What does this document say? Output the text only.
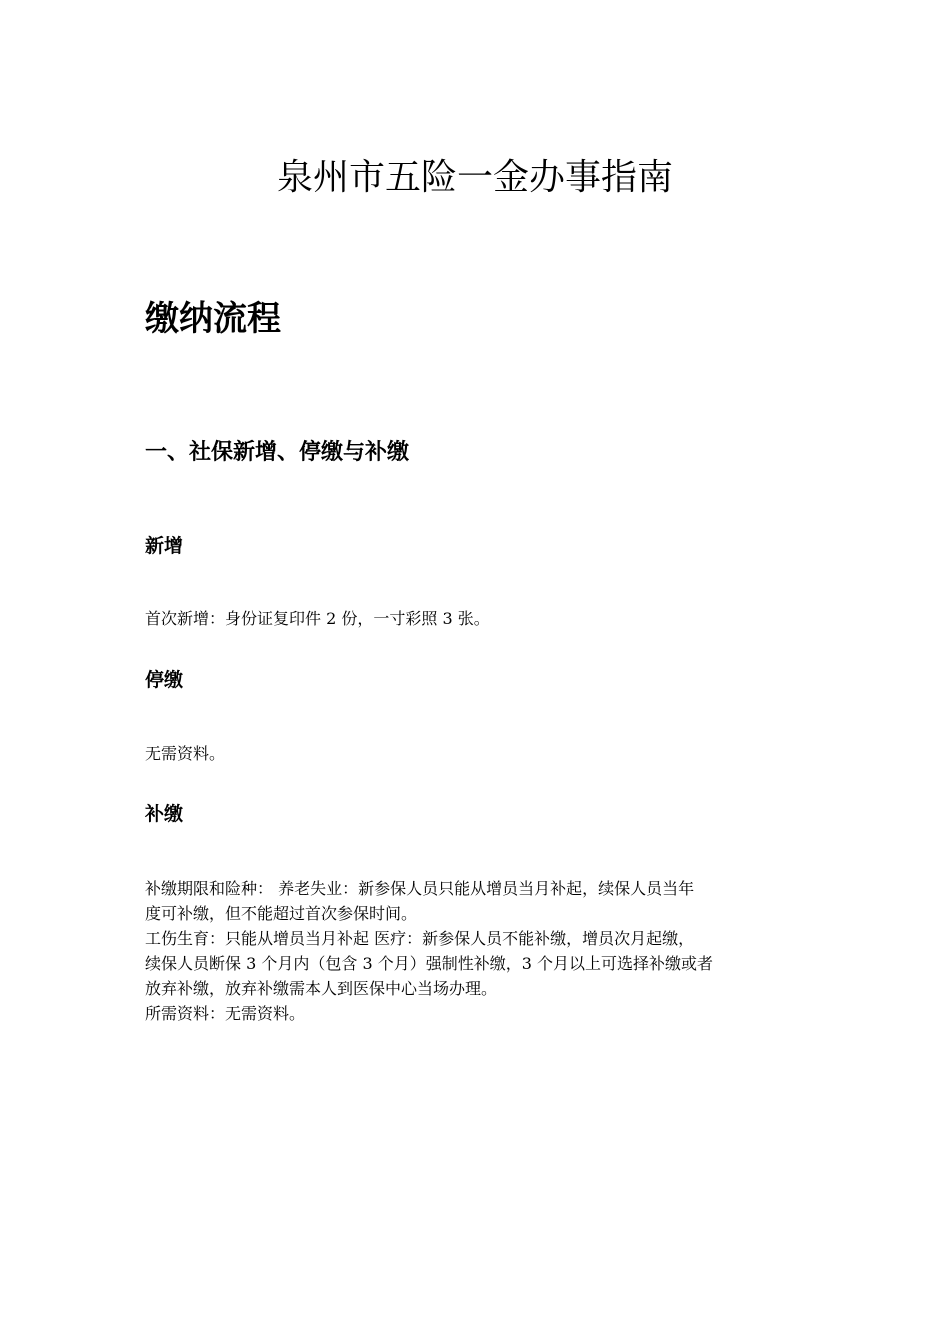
泉州市五险一金办事指南
缴纳流程
一、社保新增、停缴与补缴
新增

首次新增：身份证复印件 2 份，一寸彩照 3 张。

停缴

无需资料。

补缴

补缴期限和险种： 养老失业：新参保人员只能从增员当月补起，续保人员当年
度可补缴，但不能超过首次参保时间。
工伤生育：只能从增员当月补起 医疗：新参保人员不能补缴，增员次月起缴，
续保人员断保 3 个月内（包含 3 个月）强制性补缴，3 个月以上可选择补缴或者
放弃补缴，放弃补缴需本人到医保中心当场办理。
所需资料：无需资料。
